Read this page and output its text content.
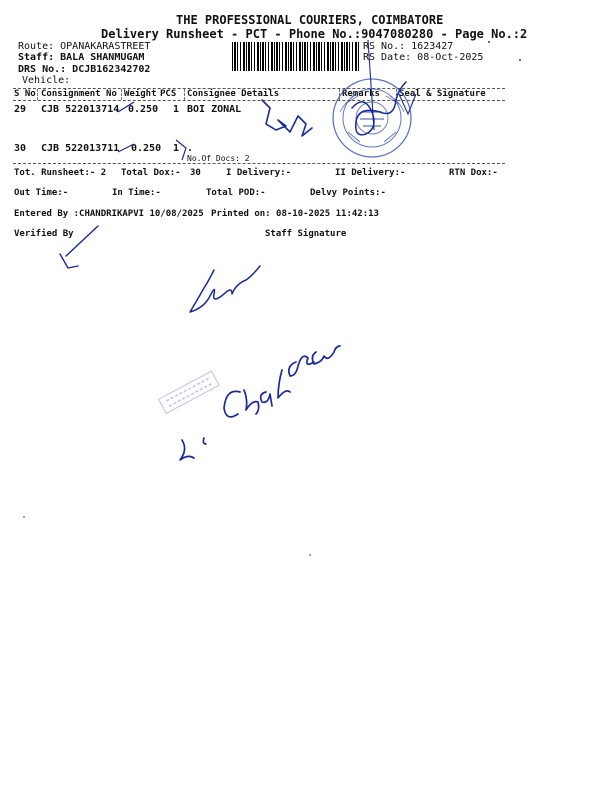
THE PROFESSIONAL COURIERS, COIMBATORE
Delivery Runsheet - PCT - Phone No.:9047080280 - Page No.:2
Route: OPANAKARASTREET
Staff: BALA SHANMUGAM
DRS No.: DCJB162342702
Vehicle:
RS No.: 1623427
RS Date: 08-Oct-2025
S No Consignment No Weight PCS Consignee Details	Remarks Seal & Signature
29 CJB 522013714 0.250 1 BOI ZONAL
30 CJB 522013711 0.250 1 .
No.Of Docs: 2
Tot. Runsheet:- 2 Total Dox:- 30	I Delivery:-	II Delivery:-	RTN Dox:-
Out Time:-	In Time:-	Total POD:-	Delvy Points:-
Entered By :CHANDRIKAPVI 10/08/2025 Printed on: 08-10-2025 11:42:13
Verified By	Staff Signature
